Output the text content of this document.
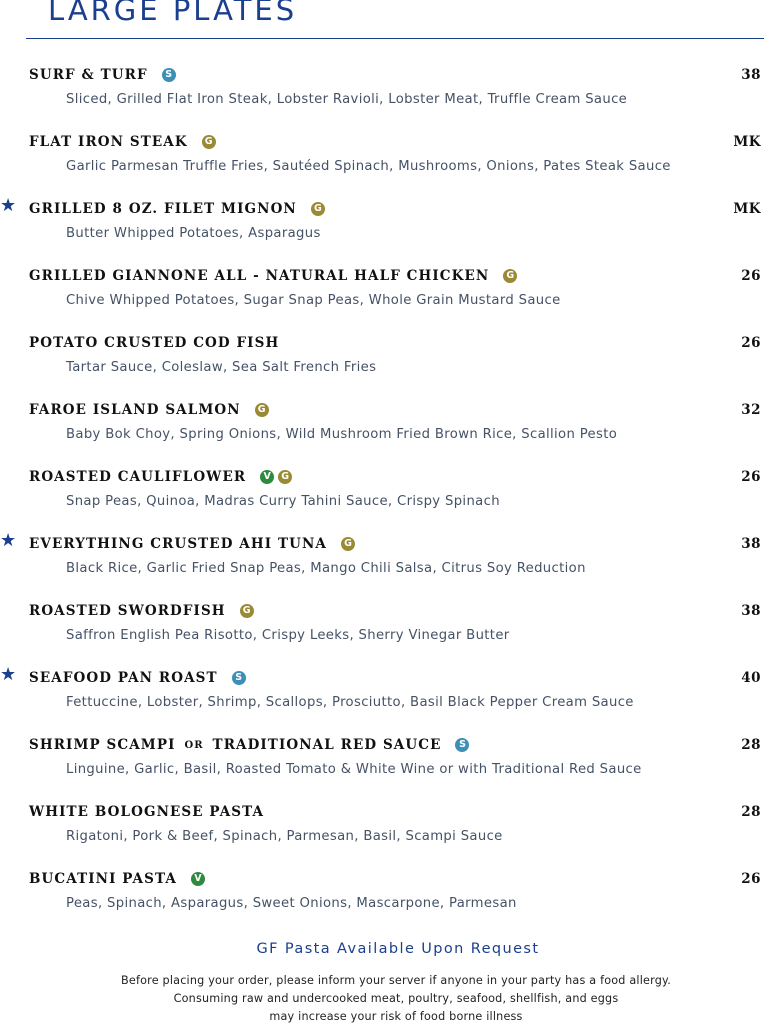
LARGE PLATES
SURF & TURF	S	38
Sliced, Grilled Flat Iron Steak, Lobster Ravioli, Lobster Meat, Truffle Cream Sauce
FLAT IRON STEAK	G	MK
Garlic Parmesan Truffle Fries, Sautéed Spinach, Mushrooms, Onions, Pates Steak Sauce
★ GRILLED 8 OZ. FILET MIGNON	G	MK
Butter Whipped Potatoes, Asparagus
GRILLED GIANNONE ALL - NATURAL HALF CHICKEN	G	26
Chive Whipped Potatoes, Sugar Snap Peas, Whole Grain Mustard Sauce
POTATO CRUSTED COD FISH	26
Tartar Sauce, Coleslaw, Sea Salt French Fries
FAROE ISLAND SALMON	G	32
Baby Bok Choy, Spring Onions, Wild Mushroom Fried Brown Rice, Scallion Pesto
ROASTED CAULIFLOWER	V	G	26
Snap Peas, Quinoa, Madras Curry Tahini Sauce, Crispy Spinach
★ EVERYTHING CRUSTED AHI TUNA	G	38
Black Rice, Garlic Fried Snap Peas, Mango Chili Salsa, Citrus Soy Reduction
ROASTED SWORDFISH	G	38
Saffron English Pea Risotto, Crispy Leeks, Sherry Vinegar Butter
★ SEAFOOD PAN ROAST	S	40
Fettuccine, Lobster, Shrimp, Scallops, Prosciutto, Basil Black Pepper Cream Sauce
SHRIMP SCAMPI OR TRADITIONAL RED SAUCE	S	28
Linguine, Garlic, Basil, Roasted Tomato & White Wine or with Traditional Red Sauce
WHITE BOLOGNESE PASTA	28
Rigatoni, Pork & Beef, Spinach, Parmesan, Basil, Scampi Sauce
BUCATINI PASTA	V	26
Peas, Spinach, Asparagus, Sweet Onions, Mascarpone, Parmesan
GF Pasta Available Upon Request
Before placing your order, please inform your server if anyone in your party has a food allergy.
Consuming raw and undercooked meat, poultry, seafood, shellfish, and eggs
may increase your risk of food borne illness
